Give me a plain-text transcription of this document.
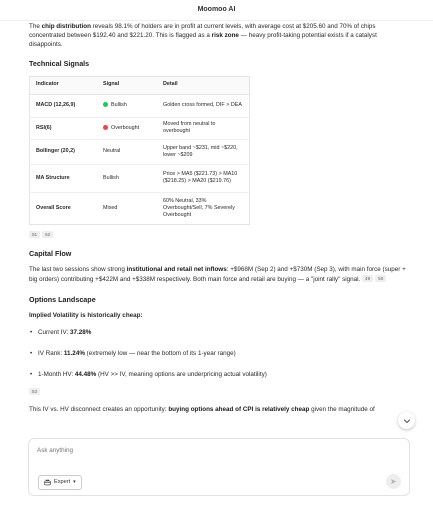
Moomoo AI

The chip distribution reveals 98.1% of holders are in profit at current levels, with average cost at $205.60 and 70% of chips concentrated between $192.40 and $221.20. This is flagged as a risk zone — heavy profit-taking potential exists if a catalyst disappoints.

Technical Signals
Indicator	Signal	Detail
MACD (12,26,9)	Bullish	Golden cross formed, DIF > DEA
RSI(6)	Overbought	Moved from neutral to overbought
Bollinger (20,2)	Neutral	Upper band ~$231, mid ~$220, lower ~$209
MA Structure	Bullish	Price > MA5 ($221.73) > MA10 ($218.25) > MA20 ($219.76)
Overall Score	Mixed	60% Neutral, 33% Overbought/Sell, 7% Severely Overbought
51 52
Capital Flow

The last two sessions show strong institutional and retail net inflows: +$968M (Sep 2) and +$730M (Sep 3), with main force (super + big orders) contributing +$422M and +$338M respectively. Both main force and retail are buying — a "joint rally" signal. 49 50

Options Landscape

Implied Volatility is historically cheap:

• Current IV: 37.28%
• IV Rank: 11.24% (extremely low — near the bottom of its 1-year range)
• 1-Month HV: 44.48% (HV >> IV, meaning options are underpricing actual volatility)
53

This IV vs. HV disconnect creates an opportunity: buying options ahead of CPI is relatively cheap given the magnitude of

Ask anything
Expert ▾
